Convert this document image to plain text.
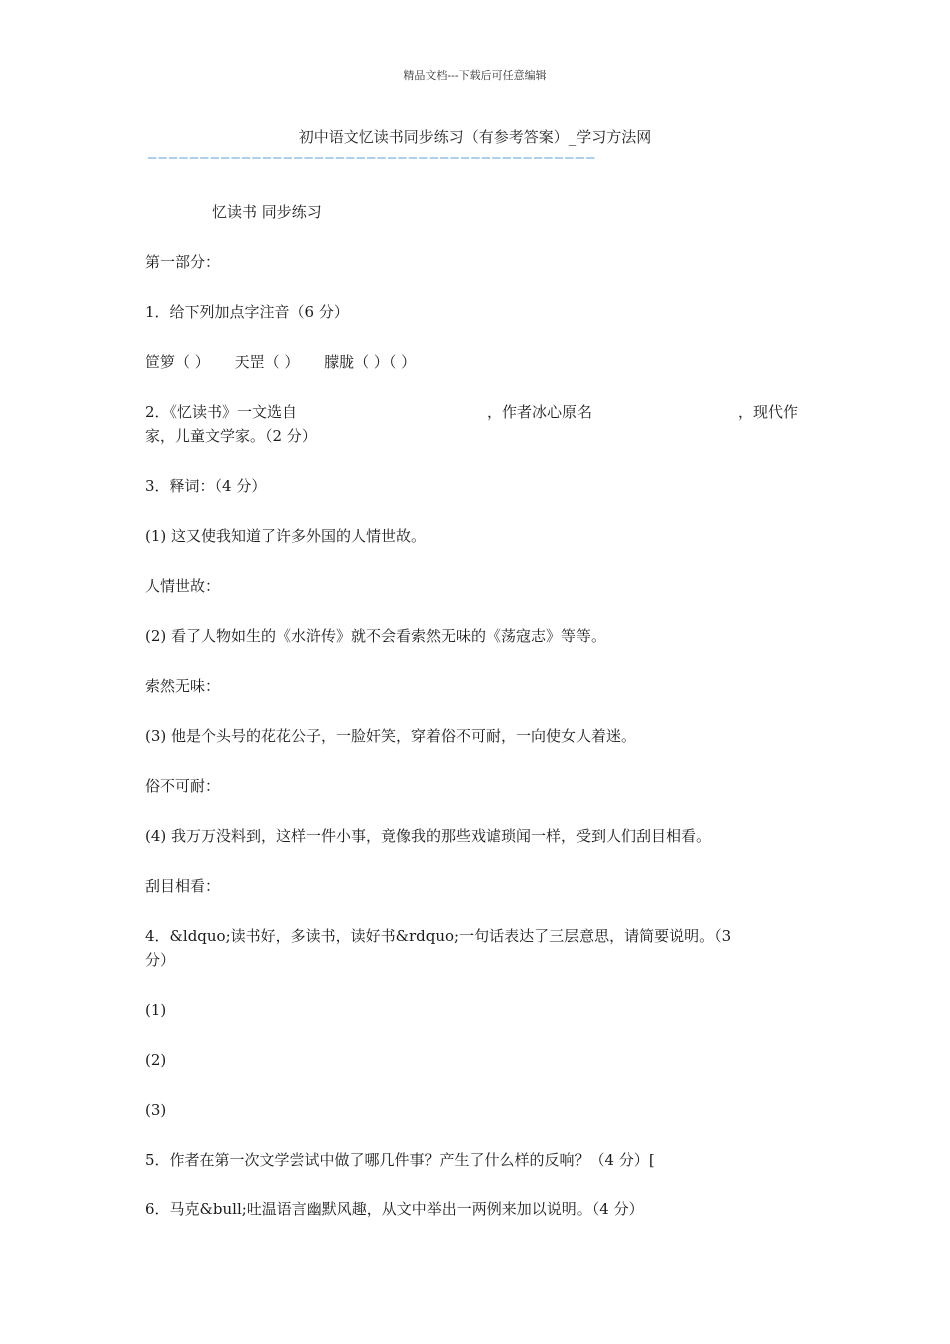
精品文档---下载后可任意编辑
初中语文忆读书同步练习（有参考答案）_学习方法网
———————————————————————————————————————————
忆读书 同步练习
第一部分：
1．给下列加点字注音（6 分）
笸箩（ ） 天罡（ ） 朦胧（ ）（ ）
2．《忆读书》一文选自	，作者冰心原名	，现代作
家，儿童文学家。（2 分）
3．释词：（4 分）
(1) 这又使我知道了许多外国的人情世故。
人情世故：
(2) 看了人物如生的《水浒传》就不会看索然无味的《荡寇志》等等。
索然无味：
(3) 他是个头号的花花公子，一脸奸笑，穿着俗不可耐，一向使女人着迷。
俗不可耐：
(4) 我万万没料到，这样一件小事，竟像我的那些戏谑琐闻一样，受到人们刮目相看。
刮目相看：
4．&ldquo;读书好，多读书，读好书&rdquo;一句话表达了三层意思，请简要说明。（3
分）
(1)
(2)
(3)
5．作者在第一次文学尝试中做了哪几件事？产生了什么样的反响？（4 分）[
6．马克&bull;吐温语言幽默风趣，从文中举出一两例来加以说明。（4 分）
